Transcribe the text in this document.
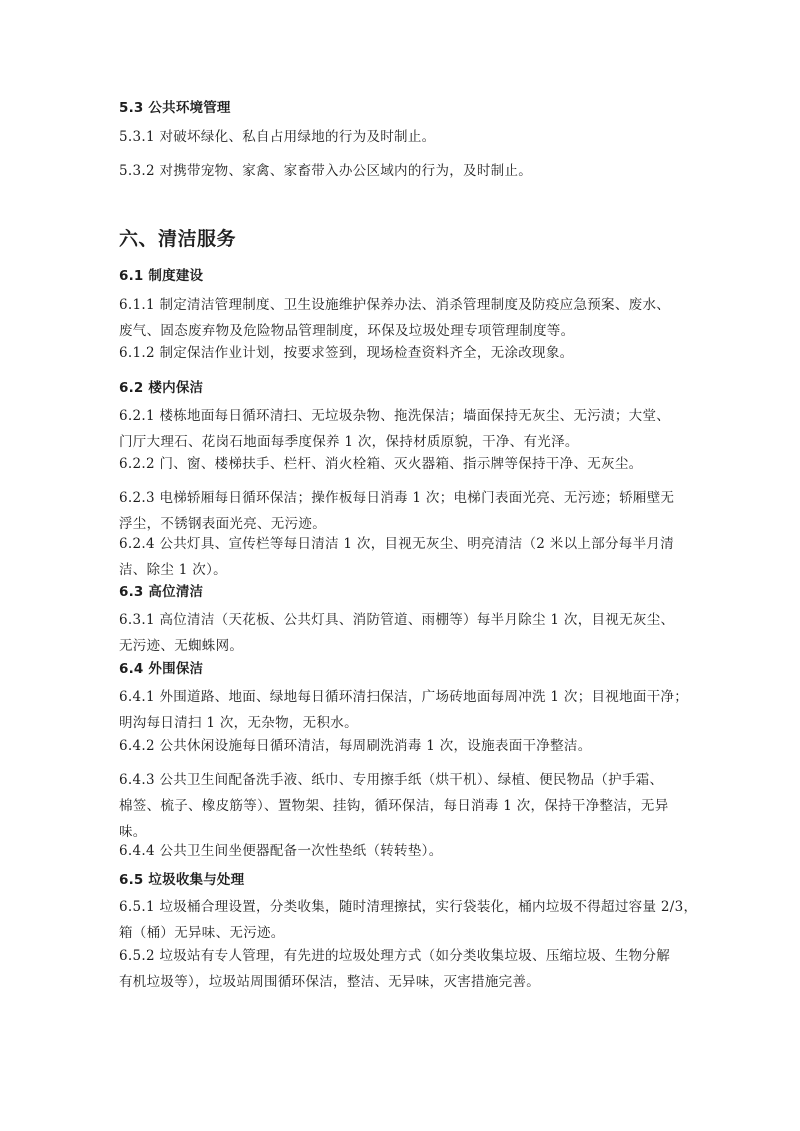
5.3 公共环境管理

5.3.1 对破坏绿化、私自占用绿地的行为及时制止。

5.3.2 对携带宠物、家禽、家畜带入办公区域内的行为，及时制止。

六、清洁服务
6.1 制度建设

6.1.1 制定清洁管理制度、卫生设施维护保养办法、消杀管理制度及防疫应急预案、废水、
废气、固态废弃物及危险物品管理制度，环保及垃圾处理专项管理制度等。

6.1.2 制定保洁作业计划，按要求签到，现场检查资料齐全，无涂改现象。

6.2 楼内保洁

6.2.1 楼栋地面每日循环清扫、无垃圾杂物、拖洗保洁；墙面保持无灰尘、无污渍；大堂、
门厅大理石、花岗石地面每季度保养 1 次，保持材质原貌，干净、有光泽。

6.2.2 门、窗、楼梯扶手、栏杆、消火栓箱、灭火器箱、指示牌等保持干净、无灰尘。

6.2.3 电梯轿厢每日循环保洁；操作板每日消毒 1 次；电梯门表面光亮、无污迹；轿厢壁无
浮尘，不锈钢表面光亮、无污迹。

6.2.4 公共灯具、宣传栏等每日清洁 1 次，目视无灰尘、明亮清洁（2 米以上部分每半月清
洁、除尘 1 次）。

6.3 高位清洁

6.3.1 高位清洁（天花板、公共灯具、消防管道、雨棚等）每半月除尘 1 次，目视无灰尘、
无污迹、无蜘蛛网。

6.4 外围保洁

6.4.1 外围道路、地面、绿地每日循环清扫保洁，广场砖地面每周冲洗 1 次；目视地面干净；
明沟每日清扫 1 次，无杂物，无积水。

6.4.2 公共休闲设施每日循环清洁，每周刷洗消毒 1 次，设施表面干净整洁。

6.4.3 公共卫生间配备洗手液、纸巾、专用擦手纸（烘干机）、绿植、便民物品（护手霜、
棉签、梳子、橡皮筋等）、置物架、挂钩，循环保洁，每日消毒 1 次，保持干净整洁，无异
味。

6.4.4 公共卫生间坐便器配备一次性垫纸（转转垫）。

6.5 垃圾收集与处理

6.5.1 垃圾桶合理设置，分类收集，随时清理擦拭，实行袋装化，桶内垃圾不得超过容量 2/3，
箱（桶）无异味、无污迹。

6.5.2 垃圾站有专人管理，有先进的垃圾处理方式（如分类收集垃圾、压缩垃圾、生物分解
有机垃圾等），垃圾站周围循环保洁，整洁、无异味，灭害措施完善。
